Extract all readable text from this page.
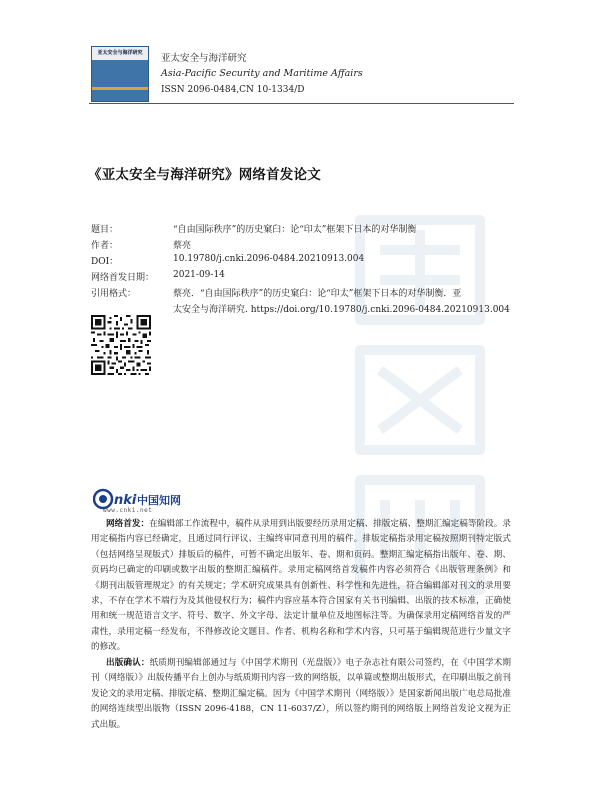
亚太安全与海洋研究	亚太安全与海洋研究
Asia-Pacific Security and Maritime Affairs
ISSN 2096-0484,CN 10-1334/D
《亚太安全与海洋研究》网络首发论文
题目：	“自由国际秩序”的历史窠臼：论“印太”框架下日本的对华制衡
作者：	蔡亮
DOI：	10.19780/j.cnki.2096-0484.20210913.004
网络首发日期： 2021-09-14
引用格式：	蔡亮．“自由国际秩序”的历史窠臼：论“印太”框架下日本的对华制衡．亚
太安全与海洋研究. https://doi.org/10.19780/j.cnki.2096-0484.20210913.004
nki 中国知网
www.cnki.net
网络首发：在编辑部工作流程中，稿件从录用到出版要经历录用定稿、排版定稿、整期汇编定稿等阶段。录用定稿指内容已经确定，且通过同行评议、主编终审同意刊用的稿件。排版定稿指录用定稿按照期刊特定版式（包括网络呈现版式）排版后的稿件，可暂不确定出版年、卷、期和页码。整期汇编定稿指出版年、卷、期、页码均已确定的印刷或数字出版的整期汇编稿件。录用定稿网络首发稿件内容必须符合《出版管理条例》和《期刊出版管理规定》的有关规定；学术研究成果具有创新性、科学性和先进性，符合编辑部对刊文的录用要求，不存在学术不端行为及其他侵权行为；稿件内容应基本符合国家有关书刊编辑、出版的技术标准，正确使用和统一规范语言文字、符号、数字、外文字母、法定计量单位及地图标注等。为确保录用定稿网络首发的严肃性，录用定稿一经发布，不得修改论文题目、作者、机构名称和学术内容，只可基于编辑规范进行少量文字的修改。
出版确认：纸质期刊编辑部通过与《中国学术期刊（光盘版）》电子杂志社有限公司签约，在《中国学术期刊（网络版）》出版传播平台上创办与纸质期刊内容一致的网络版，以单篇或整期出版形式，在印刷出版之前刊发论文的录用定稿、排版定稿、整期汇编定稿。因为《中国学术期刊（网络版）》是国家新闻出版广电总局批准的网络连续型出版物（ISSN 2096-4188，CN 11-6037/Z），所以签约期刊的网络版上网络首发论文视为正式出版。
